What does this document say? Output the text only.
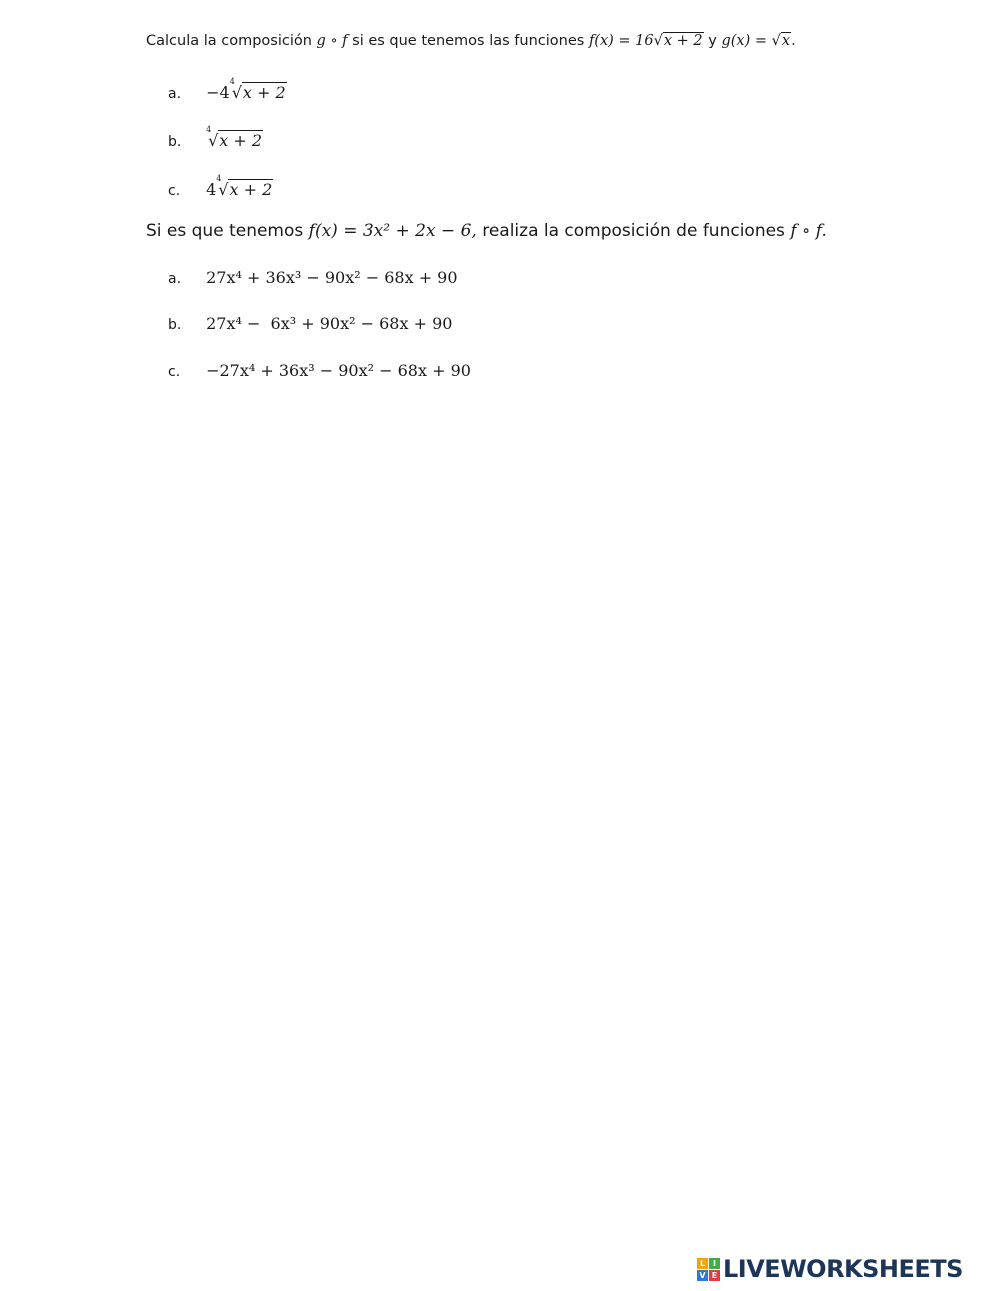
Calcula la composición g ∘ f si es que tenemos las funciones f(x) = 16√x + 2 y g(x) = √x.
a. −4
4
√x + 2
b.
4
√x + 2
c. 4
4
√x + 2
Si es que tenemos f(x) = 3x² + 2x − 6, realiza la composición de funciones f ∘ f.
a. 27x⁴ + 36x³ − 90x² − 68x + 90
b. 27x⁴ −  6x³ + 90x² − 68x + 90
c. −27x⁴ + 36x³ − 90x² − 68x + 90
L I
V E LIVEWORKSHEETS
